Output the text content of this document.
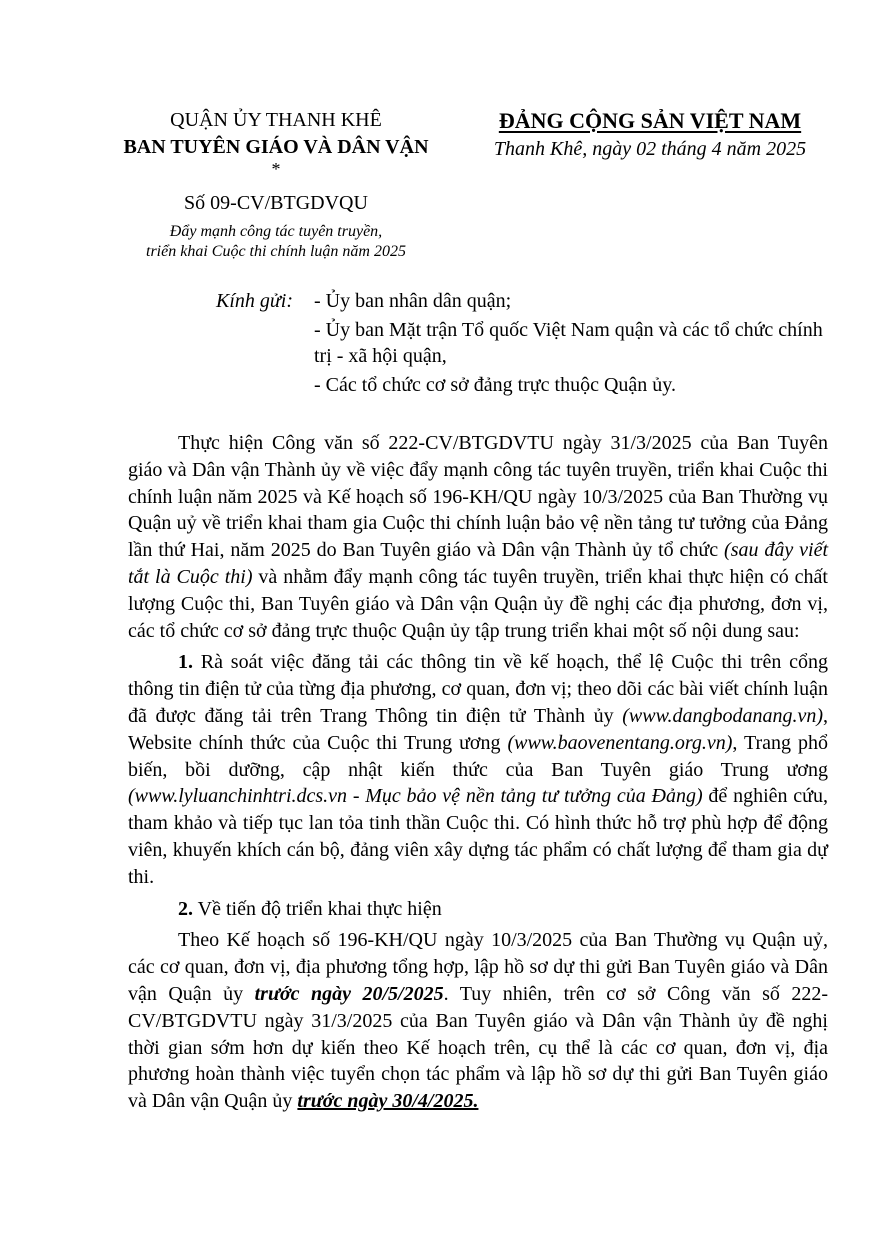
QUẬN ỦY THANH KHÊ
BAN TUYÊN GIÁO VÀ DÂN VẬN
*
Số 09-CV/BTGDVQU
Đẩy mạnh công tác tuyên truyền,
triển khai Cuộc thi chính luận năm 2025
ĐẢNG CỘNG SẢN VIỆT NAM
Thanh Khê, ngày 02 tháng 4 năm 2025
Kính gửi: - Ủy ban nhân dân quận;
- Ủy ban Mặt trận Tổ quốc Việt Nam quận và các tổ chức chính trị - xã hội quận,
- Các tổ chức cơ sở đảng trực thuộc Quận ủy.

Thực hiện Công văn số 222-CV/BTGDVTU ngày 31/3/2025 của Ban Tuyên giáo và Dân vận Thành ủy về việc đẩy mạnh công tác tuyên truyền, triển khai Cuộc thi chính luận năm 2025 và Kế hoạch số 196-KH/QU ngày 10/3/2025 của Ban Thường vụ Quận uỷ về triển khai tham gia Cuộc thi chính luận bảo vệ nền tảng tư tưởng của Đảng lần thứ Hai, năm 2025 do Ban Tuyên giáo và Dân vận Thành ủy tổ chức (sau đây viết tắt là Cuộc thi) và nhằm đẩy mạnh công tác tuyên truyền, triển khai thực hiện có chất lượng Cuộc thi, Ban Tuyên giáo và Dân vận Quận ủy đề nghị các địa phương, đơn vị, các tổ chức cơ sở đảng trực thuộc Quận ủy tập trung triển khai một số nội dung sau:

1. Rà soát việc đăng tải các thông tin về kế hoạch, thể lệ Cuộc thi trên cổng thông tin điện tử của từng địa phương, cơ quan, đơn vị; theo dõi các bài viết chính luận đã được đăng tải trên Trang Thông tin điện tử Thành ủy (www.dangbodanang.vn), Website chính thức của Cuộc thi Trung ương (www.baovenentang.org.vn), Trang phổ biến, bồi dưỡng, cập nhật kiến thức của Ban Tuyên giáo Trung ương (www.lyluanchinhtri.dcs.vn - Mục bảo vệ nền tảng tư tưởng của Đảng) để nghiên cứu, tham khảo và tiếp tục lan tỏa tinh thần Cuộc thi. Có hình thức hỗ trợ phù hợp để động viên, khuyến khích cán bộ, đảng viên xây dựng tác phẩm có chất lượng để tham gia dự thi.

2. Về tiến độ triển khai thực hiện

Theo Kế hoạch số 196-KH/QU ngày 10/3/2025 của Ban Thường vụ Quận uỷ, các cơ quan, đơn vị, địa phương tổng hợp, lập hồ sơ dự thi gửi Ban Tuyên giáo và Dân vận Quận ủy trước ngày 20/5/2025. Tuy nhiên, trên cơ sở Công văn số 222-CV/BTGDVTU ngày 31/3/2025 của Ban Tuyên giáo và Dân vận Thành ủy đề nghị thời gian sớm hơn dự kiến theo Kế hoạch trên, cụ thể là các cơ quan, đơn vị, địa phương hoàn thành việc tuyển chọn tác phẩm và lập hồ sơ dự thi gửi Ban Tuyên giáo và Dân vận Quận ủy trước ngày 30/4/2025.
